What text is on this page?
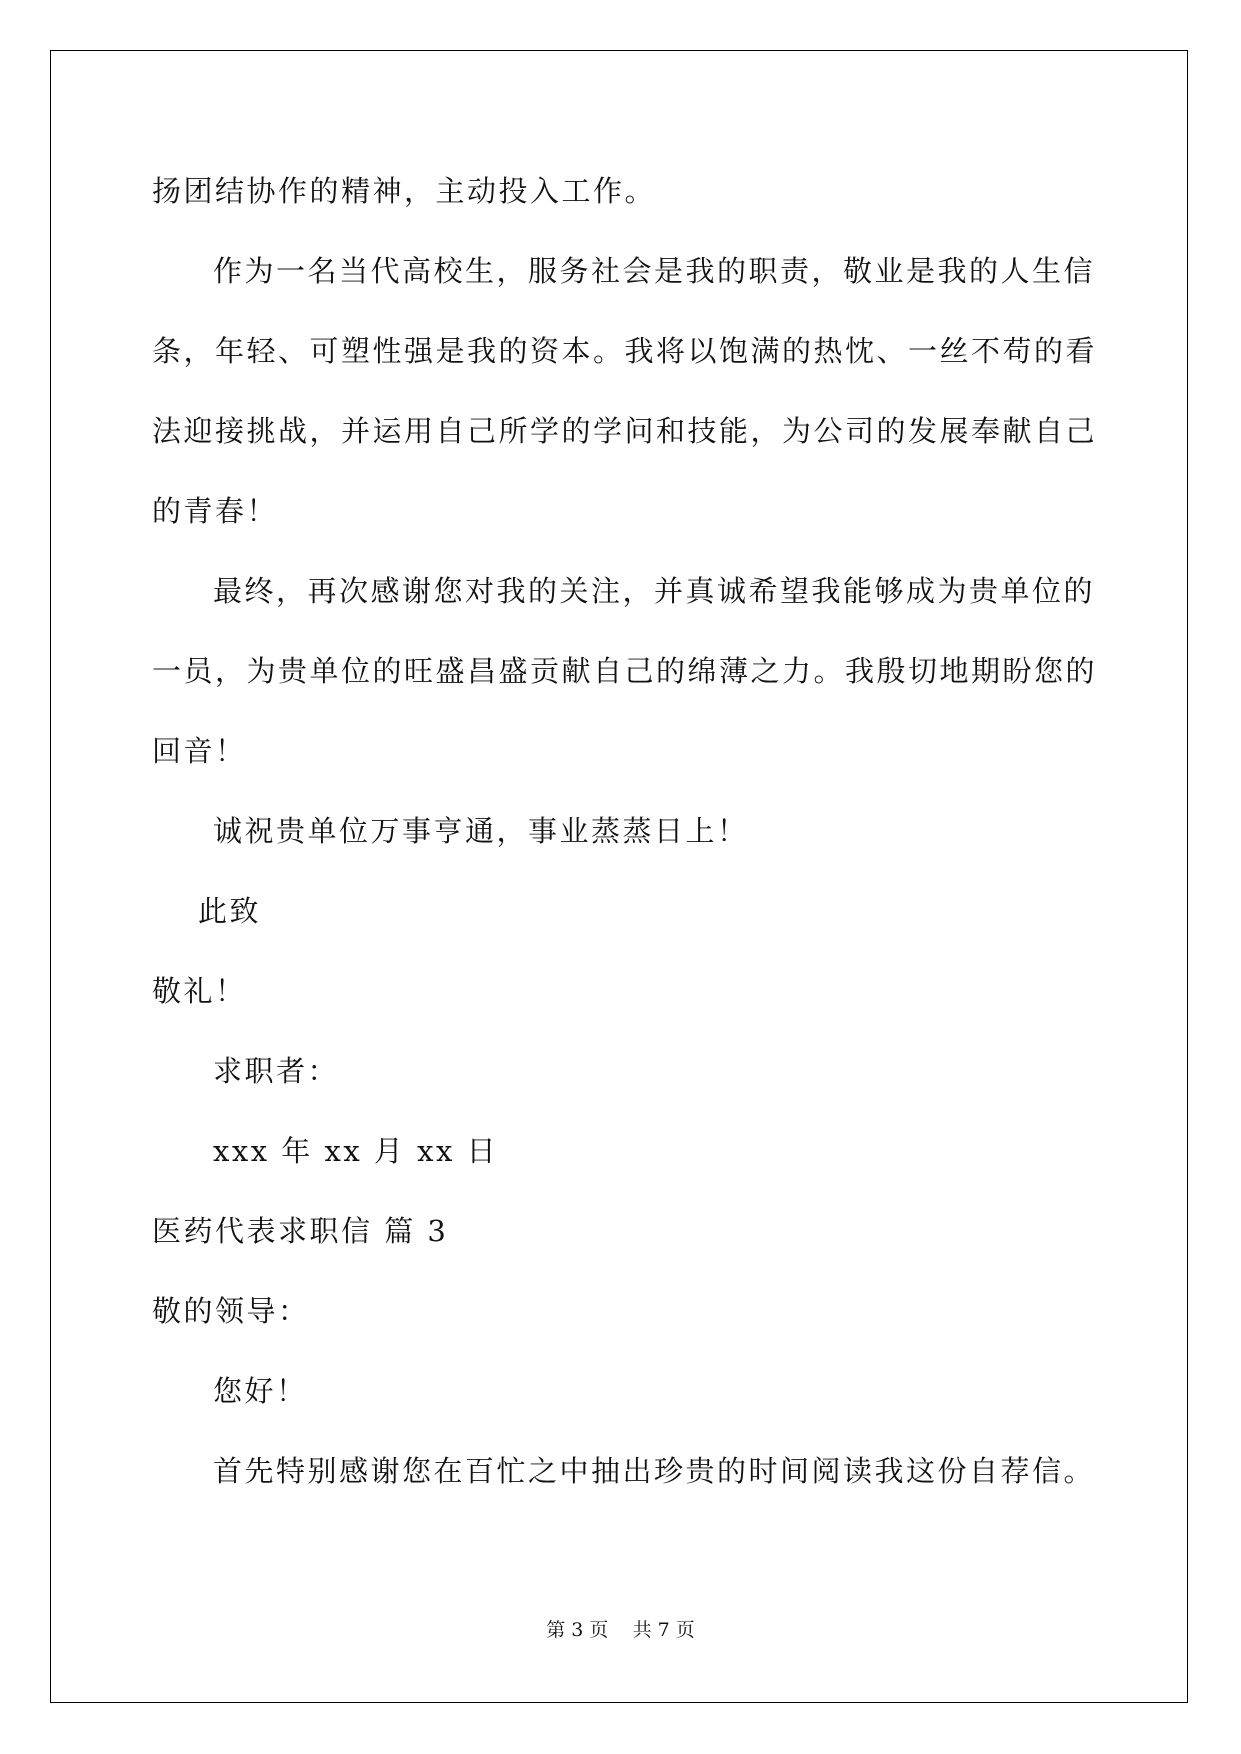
扬团结协作的精神，主动投入工作。
作为一名当代高校生，服务社会是我的职责，敬业是我的人生信
条，年轻、可塑性强是我的资本。我将以饱满的热忱、一丝不苟的看
法迎接挑战，并运用自己所学的学问和技能，为公司的发展奉献自己
的青春！
最终，再次感谢您对我的关注，并真诚希望我能够成为贵单位的
一员，为贵单位的旺盛昌盛贡献自己的绵薄之力。我殷切地期盼您的
回音！
诚祝贵单位万事亨通，事业蒸蒸日上！
此致
敬礼！
求职者：
xxx 年 xx 月 xx 日
医药代表求职信 篇 3
敬的领导：
您好！
首先特别感谢您在百忙之中抽出珍贵的时间阅读我这份自荐信。
第 3 页    共 7 页
